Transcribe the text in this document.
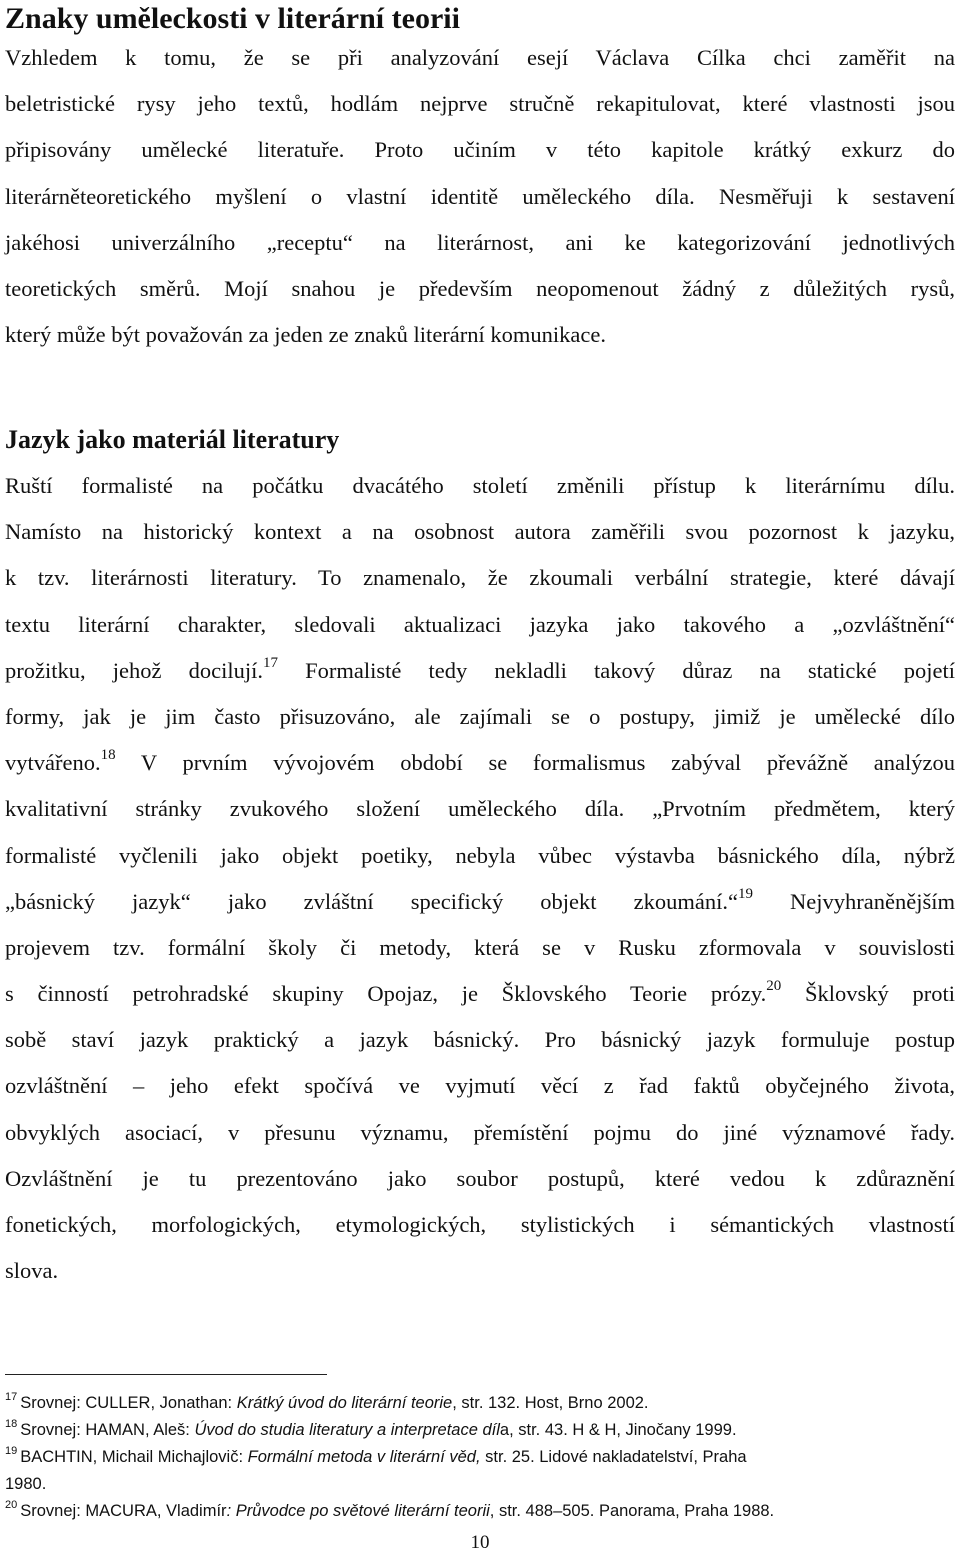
Znaky uměleckosti v literární teorii
Vzhledem k tomu, že se při analyzování esejí Václava Cílka chci zaměřit na
beletristické rysy jeho textů, hodlám nejprve stručně rekapitulovat, které vlastnosti jsou
připisovány umělecké literatuře. Proto učiním v této kapitole krátký exkurz do
literárněteoretického myšlení o vlastní identitě uměleckého díla. Nesměřuji k sestavení
jakéhosi univerzálního „receptu“ na literárnost, ani ke kategorizování jednotlivých
teoretických směrů. Mojí snahou je především neopomenout žádný z důležitých rysů,
který může být považován za jeden ze znaků literární komunikace.
Jazyk jako materiál literatury
Ruští formalisté na počátku dvacátého století změnili přístup k literárnímu dílu.
Namísto na historický kontext a na osobnost autora zaměřili svou pozornost k jazyku,
k tzv. literárnosti literatury. To znamenalo, že zkoumali verbální strategie, které dávají
textu literární charakter, sledovali aktualizaci jazyka jako takového a „ozvláštnění“
prožitku, jehož docilují.$^{17}$ Formalisté tedy nekladli takový důraz na statické pojetí
formy, jak je jim často přisuzováno, ale zajímali se o postupy, jimiž je umělecké dílo
vytvářeno.$^{18}$ V prvním vývojovém období se formalismus zabýval převážně analýzou
kvalitativní stránky zvukového složení uměleckého díla. „Prvotním předmětem, který
formalisté vyčlenili jako objekt poetiky, nebyla vůbec výstavba básnického díla, nýbrž
„básnický jazyk“ jako zvláštní specifický objekt zkoumání.“$^{19}$ Nejvyhraněnějším
projevem tzv. formální školy či metody, která se v Rusku zformovala v souvislosti
s činností petrohradské skupiny Opojaz, je Šklovského Teorie prózy.$^{20}$ Šklovský proti
sobě staví jazyk praktický a jazyk básnický. Pro básnický jazyk formuluje postup
ozvláštnění – jeho efekt spočívá ve vyjmutí věcí z řad faktů obyčejného života,
obvyklých asociací, v přesunu významu, přemístění pojmu do jiné významové řady.
Ozvláštnění je tu prezentováno jako soubor postupů, které vedou k zdůraznění
fonetických, morfologických, etymologických, stylistických i sémantických vlastností
slova.
$^{17}$ Srovnej: CULLER, Jonathan: Krátký úvod do literární teorie, str. 132. Host, Brno 2002.
$^{18}$ Srovnej: HAMAN, Aleš: Úvod do studia literatury a interpretace díla, str. 43. H & H, Jinočany 1999.
$^{19}$ BACHTIN, Michail Michajlovič: Formální metoda v literární věd, str. 25. Lidové nakladatelství, Praha
1980.
$^{20}$ Srovnej: MACURA, Vladimír: Průvodce po světové literární teorii, str. 488–505. Panorama, Praha 1988.
10
